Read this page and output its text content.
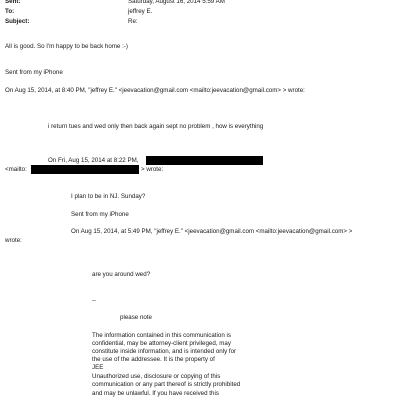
Sent:	Saturday, August 16, 2014 5:59 AM
To:	jeffrey E.
Subject:	Re:
All is good. So I'm happy to be back home :-)
Sent from my iPhone
On Aug 15, 2014, at 8:40 PM, "jeffrey E." <jeevacation@gmail.com <mailto:jeevacation@gmail.com> > wrote:
i return tues and wed only then back again sept no problem , how is everything
On Fri, Aug 15, 2014 at 8:22 PM,
<mailto:	> wrote:
I plan to be in NJ. Sunday?
Sent from my iPhone
On Aug 15, 2014, at 5:49 PM, "jeffrey E." <jeevacation@gmail.com <mailto:jeevacation@gmail.com> >
wrote:
are you around wed?
--
please note
The information contained in this communication is
confidential, may be attorney-client privileged, may
constitute inside information, and is intended only for
the use of the addressee. It is the property of
JEE
Unauthorized use, disclosure or copying of this
communication or any part thereof is strictly prohibited
and may be unlawful. If you have received this
